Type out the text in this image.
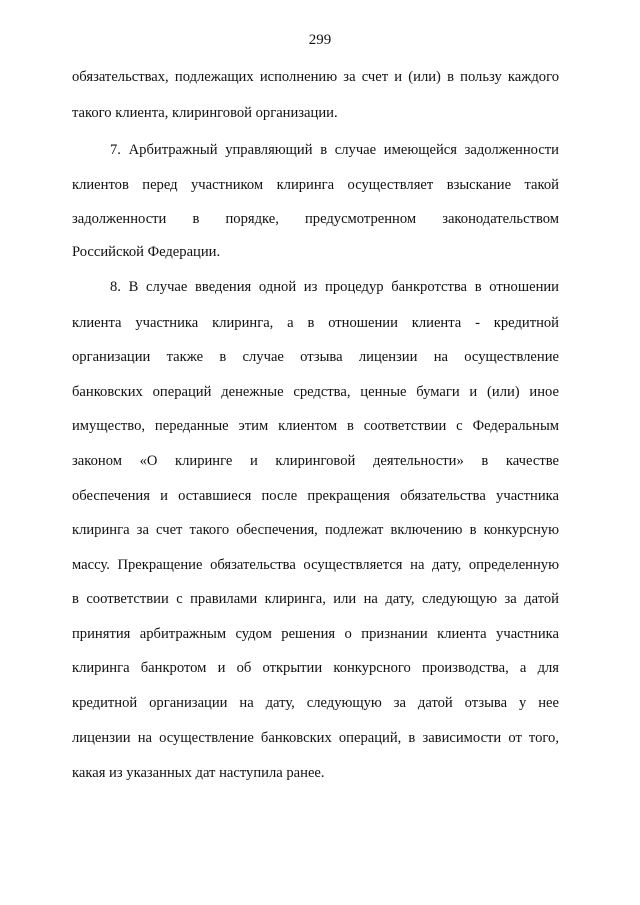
299
обязательствах, подлежащих исполнению за счет и (или) в пользу каждого
такого клиента, клиринговой организации.
7. Арбитражный управляющий в случае имеющейся задолженности
клиентов перед участником клиринга осуществляет взыскание такой
задолженности в порядке, предусмотренном законодательством
Российской Федерации.
8. В случае введения одной из процедур банкротства в отношении
клиента участника клиринга, а в отношении клиента - кредитной
организации также в случае отзыва лицензии на осуществление
банковских операций денежные средства, ценные бумаги и (или) иное
имущество, переданные этим клиентом в соответствии с Федеральным
законом «О клиринге и клиринговой деятельности» в качестве
обеспечения и оставшиеся после прекращения обязательства участника
клиринга за счет такого обеспечения, подлежат включению в конкурсную
массу. Прекращение обязательства осуществляется на дату, определенную
в соответствии с правилами клиринга, или на дату, следующую за датой
принятия арбитражным судом решения о признании клиента участника
клиринга банкротом и об открытии конкурсного производства, а для
кредитной организации на дату, следующую за датой отзыва у нее
лицензии на осуществление банковских операций, в зависимости от того,
какая из указанных дат наступила ранее.
